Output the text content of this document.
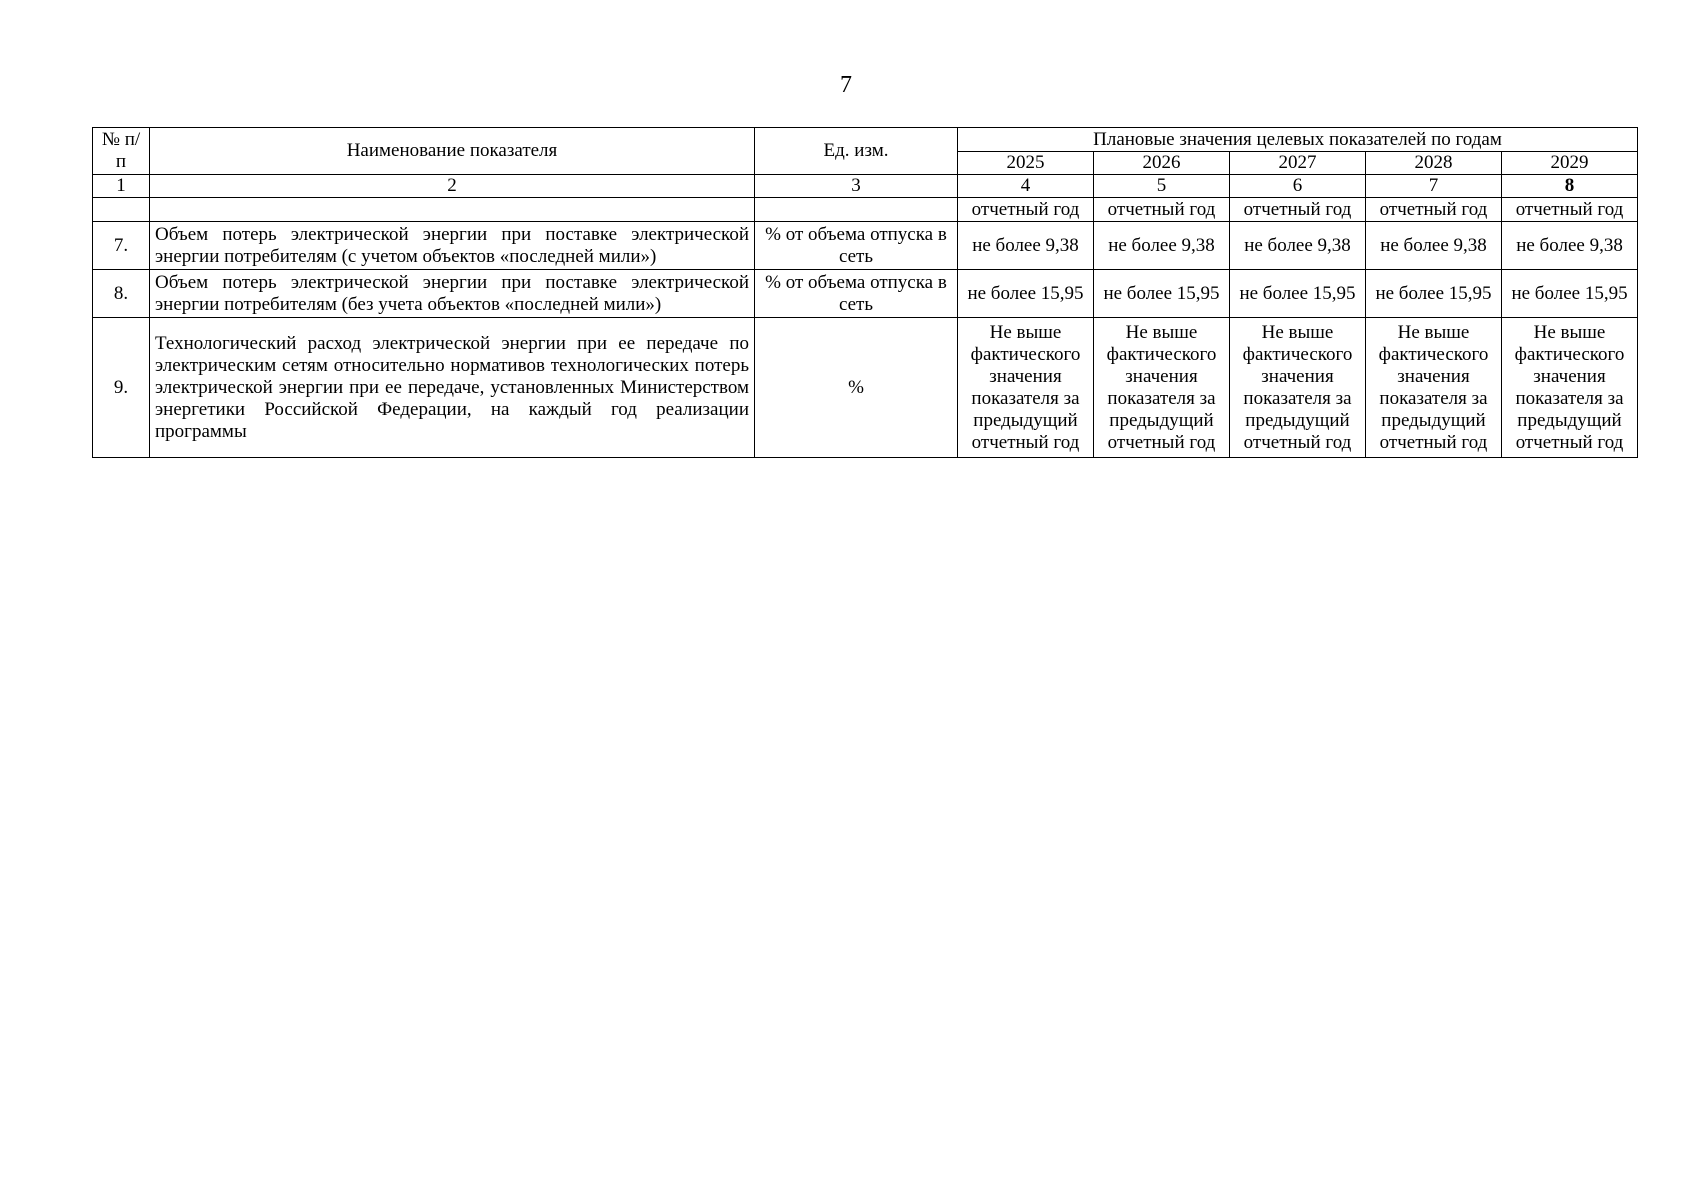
7
№ п/п	Наименование показателя	Ед. изм.	Плановые значения целевых показателей по годам				
			2025	2026	2027	2028	2029
1	2	3	4	5	6	7	8
			отчетный год	отчетный год	отчетный год	отчетный год	отчетный год
7.	Объем потерь электрической энергии при поставке электрической энергии потребителям (с учетом объектов «последней мили»)	% от объема отпуска в сеть	не более 9,38	не более 9,38	не более 9,38	не более 9,38	не более 9,38
8.	Объем потерь электрической энергии при поставке электрической энергии потребителям (без учета объектов «последней мили»)	% от объема отпуска в сеть	не более 15,95	не более 15,95	не более 15,95	не более 15,95	не более 15,95
9.	Технологический расход электрической энергии при ее передаче по электрическим сетям относительно нормативов технологических потерь электрической энергии при ее передаче, установленных Министерством энергетики Российской Федерации, на каждый год реализации программы	%	Не выше фактического значения показателя за предыдущий отчетный год	Не выше фактического значения показателя за предыдущий отчетный год	Не выше фактического значения показателя за предыдущий отчетный год	Не выше фактического значения показателя за предыдущий отчетный год	Не выше фактического значения показателя за предыдущий отчетный год
